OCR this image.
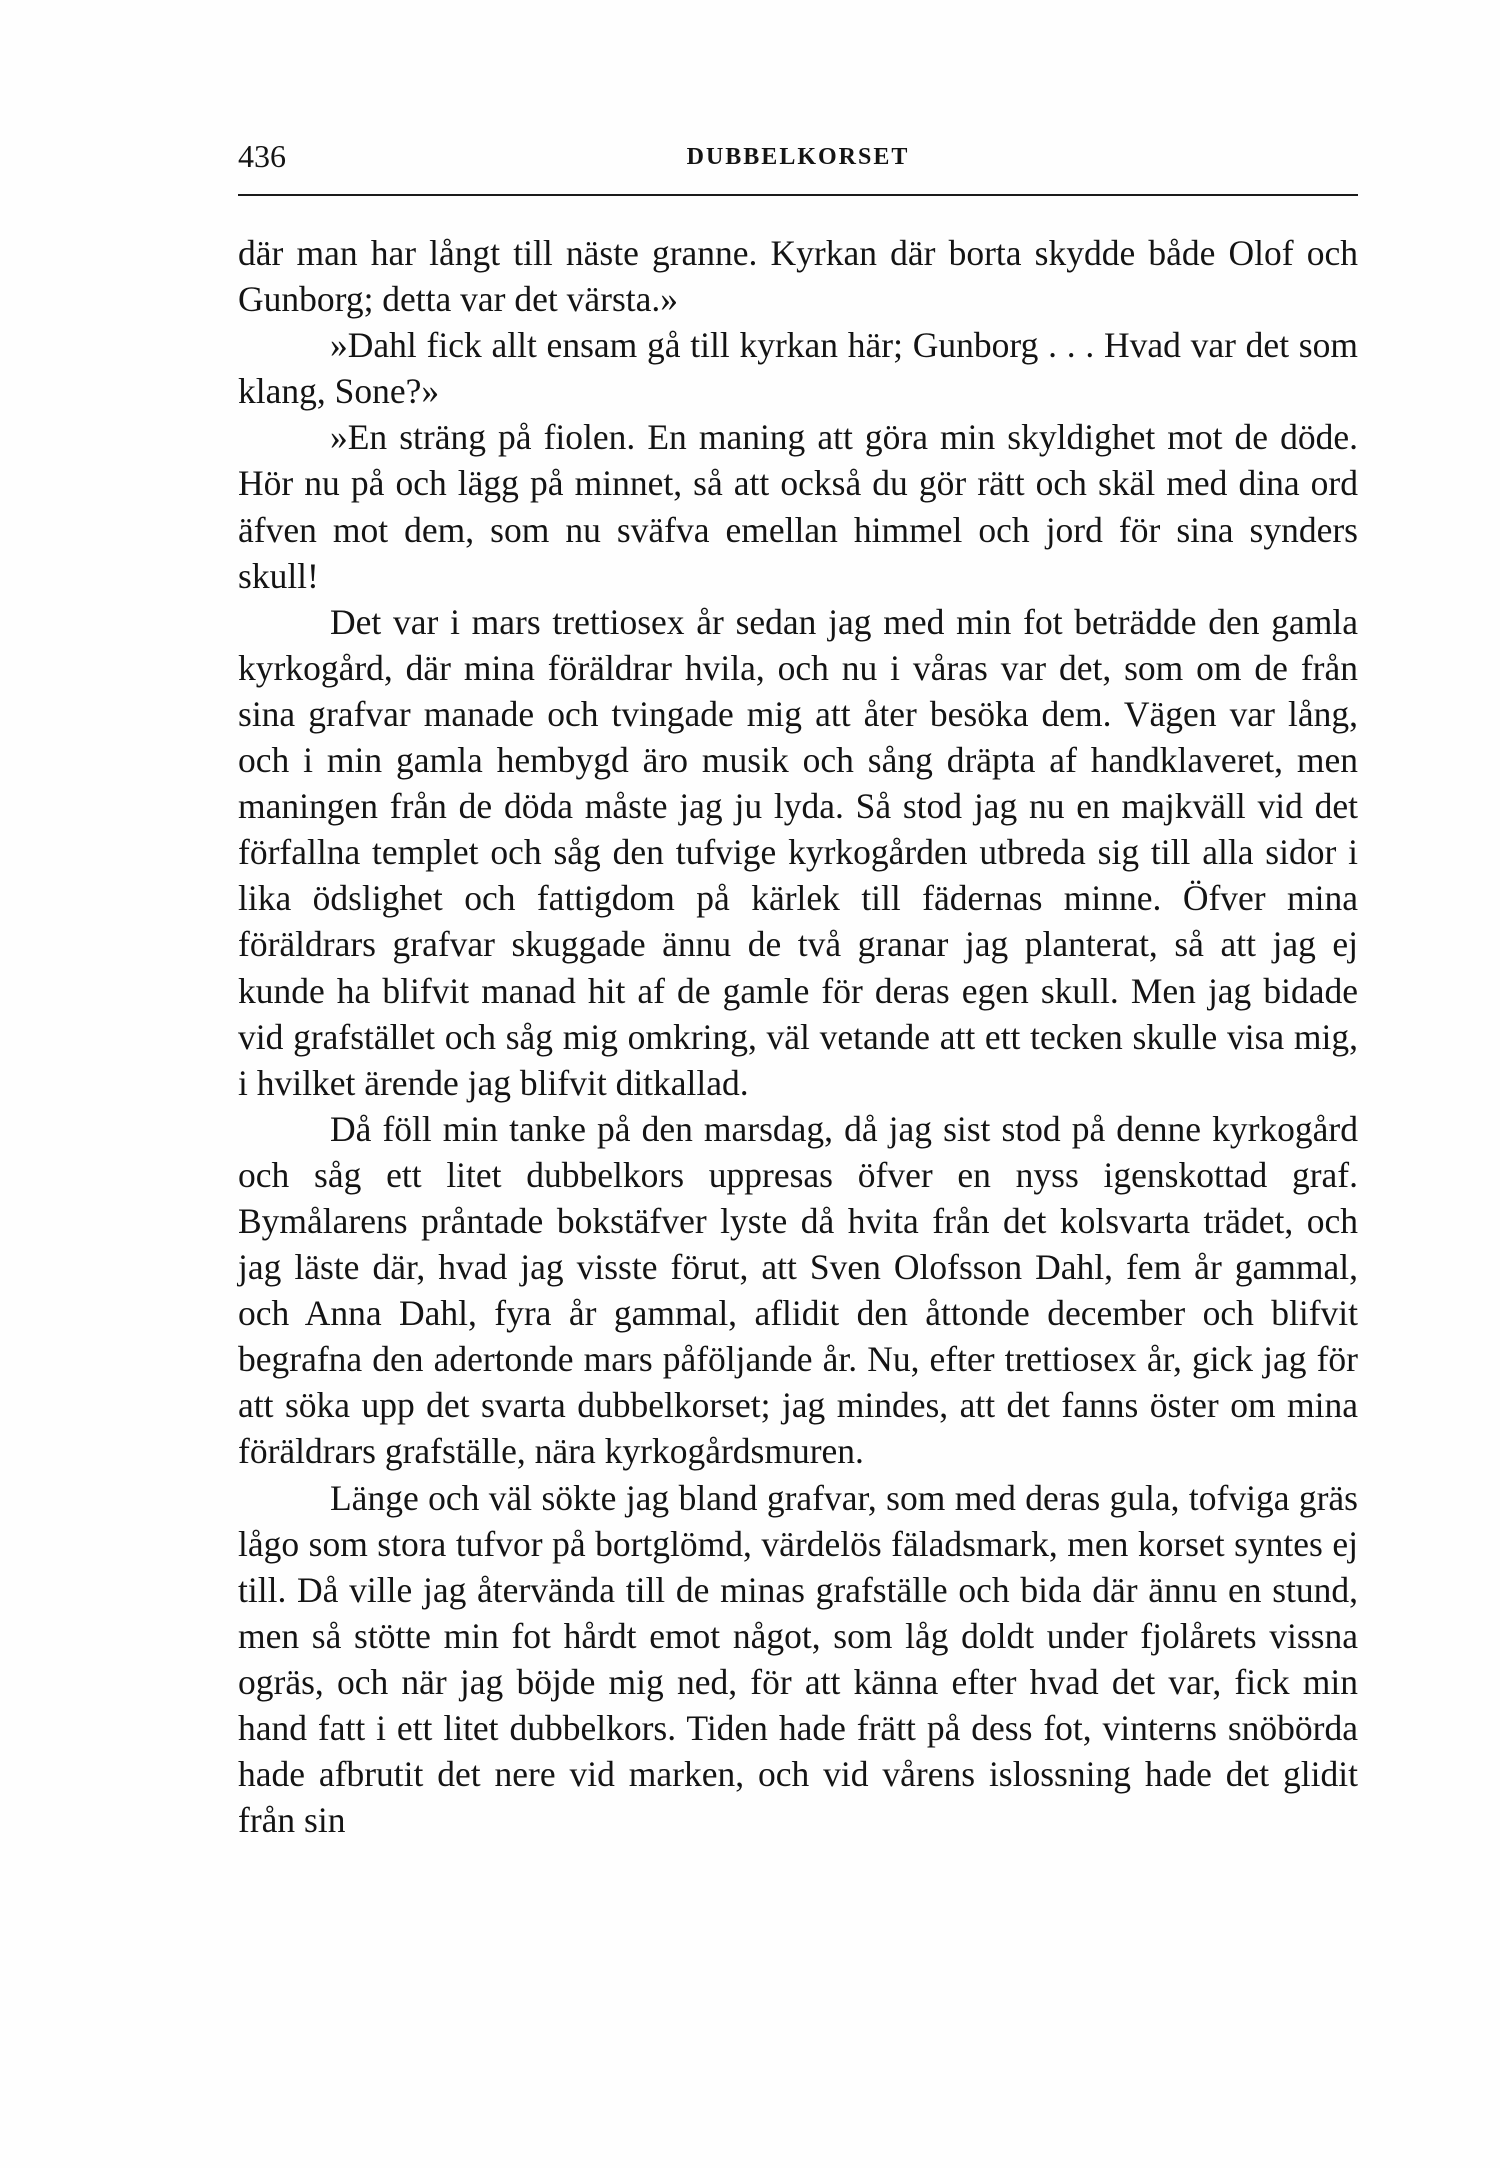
436	DUBBELKORSET

där man har långt till näste granne. Kyrkan där borta skydde både Olof och Gunborg; detta var det värsta.»

»Dahl fick allt ensam gå till kyrkan här; Gunborg . . . Hvad var det som klang, Sone?»

»En sträng på fiolen. En maning att göra min skyldighet mot de döde. Hör nu på och lägg på minnet, så att också du gör rätt och skäl med dina ord äfven mot dem, som nu sväfva emellan himmel och jord för sina synders skull!

Det var i mars trettiosex år sedan jag med min fot beträdde den gamla kyrkogård, där mina föräldrar hvila, och nu i våras var det, som om de från sina grafvar manade och tvingade mig att åter besöka dem. Vägen var lång, och i min gamla hembygd äro musik och sång dräpta af handklaveret, men maningen från de döda måste jag ju lyda. Så stod jag nu en majkväll vid det förfallna templet och såg den tufvige kyrkogården utbreda sig till alla sidor i lika ödslighet och fattigdom på kärlek till fädernas minne. Öfver mina föräldrars grafvar skuggade ännu de två granar jag planterat, så att jag ej kunde ha blifvit manad hit af de gamle för deras egen skull. Men jag bidade vid grafstället och såg mig omkring, väl vetande att ett tecken skulle visa mig, i hvilket ärende jag blifvit ditkallad.

Då föll min tanke på den marsdag, då jag sist stod på denne kyrkogård och såg ett litet dubbelkors uppresas öfver en nyss igenskottad graf. Bymålarens pråntade bokstäfver lyste då hvita från det kolsvarta trädet, och jag läste där, hvad jag visste förut, att Sven Olofsson Dahl, fem år gammal, och Anna Dahl, fyra år gammal, aflidit den åttonde december och blifvit begrafna den adertonde mars påföljande år. Nu, efter trettiosex år, gick jag för att söka upp det svarta dubbelkorset; jag mindes, att det fanns öster om mina föräldrars grafställe, nära kyrkogårdsmuren.

Länge och väl sökte jag bland grafvar, som med deras gula, tofviga gräs lågo som stora tufvor på bortglömd, värdelös fäladsmark, men korset syntes ej till. Då ville jag återvända till de minas grafställe och bida där ännu en stund, men så stötte min fot hårdt emot något, som låg doldt under fjolårets vissna ogräs, och när jag böjde mig ned, för att känna efter hvad det var, fick min hand fatt i ett litet dubbelkors. Tiden hade frätt på dess fot, vinterns snöbörda hade afbrutit det nere vid marken, och vid vårens islossning hade det glidit från sin
